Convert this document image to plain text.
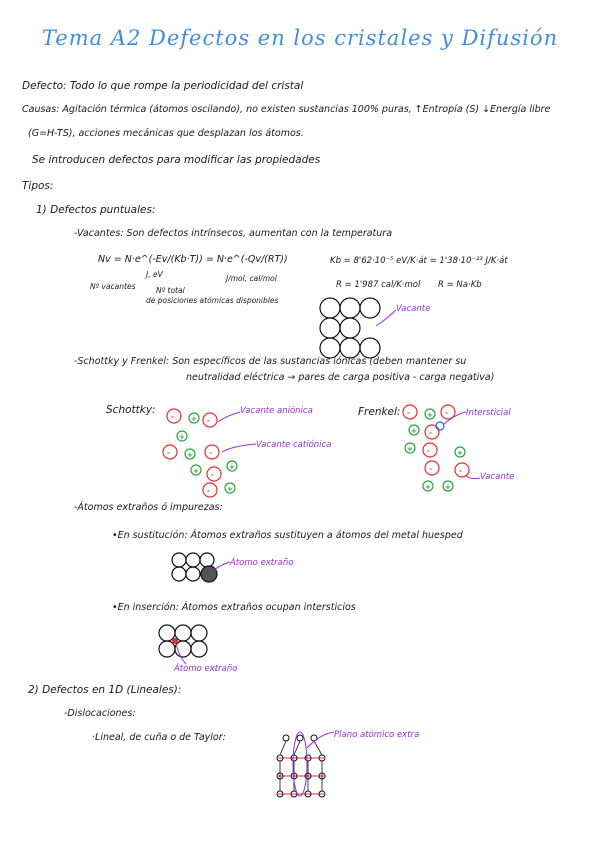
Tema A2 Defectos en los cristales y Difusión
Defecto: Todo lo que rompe la periodicidad del cristal
Causas: Agitación térmica (átomos oscilando), no existen sustancias 100% puras, ↑Entropía (S) ↓Energía libre
(G=H-TS), acciones mecánicas que desplazan los átomos.
Se introducen defectos para modificar las propiedades
Tipos:
1) Defectos puntuales:
-Vacantes: Son defectos intrínsecos, aumentan con la temperatura
Nv = N·e^(-Ev/(Kb·T)) = N·e^(-Qv/(RT))
J, eV	J/mol, cal/mol
Nº vacantes	Nº total
de posiciones atómicas disponibles
Kb = 8'62·10⁻⁵ eV/K·át = 1'38·10⁻²³ J/K·át
R = 1'987 cal/K·mol R = Na·Kb
Vacante
-Schottky y Frenkel: Son específicos de las sustancias iónicas (deben mantener su
neutralidad eléctrica → pares de carga positiva - carga negativa)
Schottky:	Frenkel:
Vacante aniónica
Vacante catiónica
Intersticial
Vacante
- + -
+
- + -
+ -
+
- +
- + -
+ -
+ -	+
-	-
+ +
-Átomos extraños ó impurezas:
•En sustitución: Átomos extraños sustituyen a átomos del metal huesped
Átomo extraño
•En inserción: Átomos extraños ocupan intersticios
Átomo extraño
2) Defectos en 1D (Lineales):
-Dislocaciones:
·Lineal, de cuña o de Taylor:	Plano atómico extra
